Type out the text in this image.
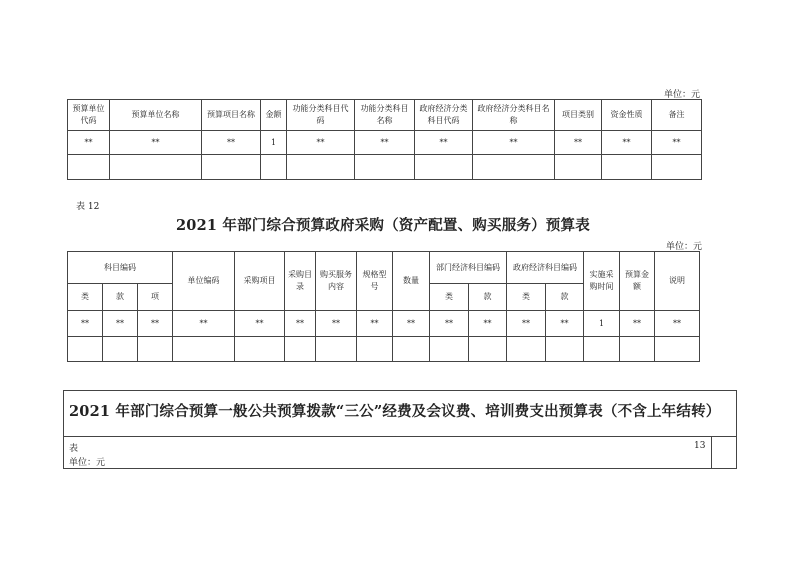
单位：元
预算单位代码	预算单位名称	预算项目名称	金额	功能分类科目代码	功能分类科目名称	政府经济分类科目代码	政府经济分类科目名称	项目类别	资金性质	备注
**	**	**	1	**	**	**	**	**	**	**

表 12
2021 年部门综合预算政府采购（资产配置、购买服务）预算表
单位：元
科目编码			单位编码	采购项目	采购目录	购买服务内容	规格型号	数量	部门经济科目编码		政府经济科目编码		实施采购时间	预算金额	说明
类	款	项							类	款	类	款			
**	**	**	**	**	**	**	**	**	**	**	**	**	1	**	**

2021 年部门综合预算一般公共预算拨款“三公”经费及会议费、培训费支出预算表（不含上年结转）
表	13
单位：元
